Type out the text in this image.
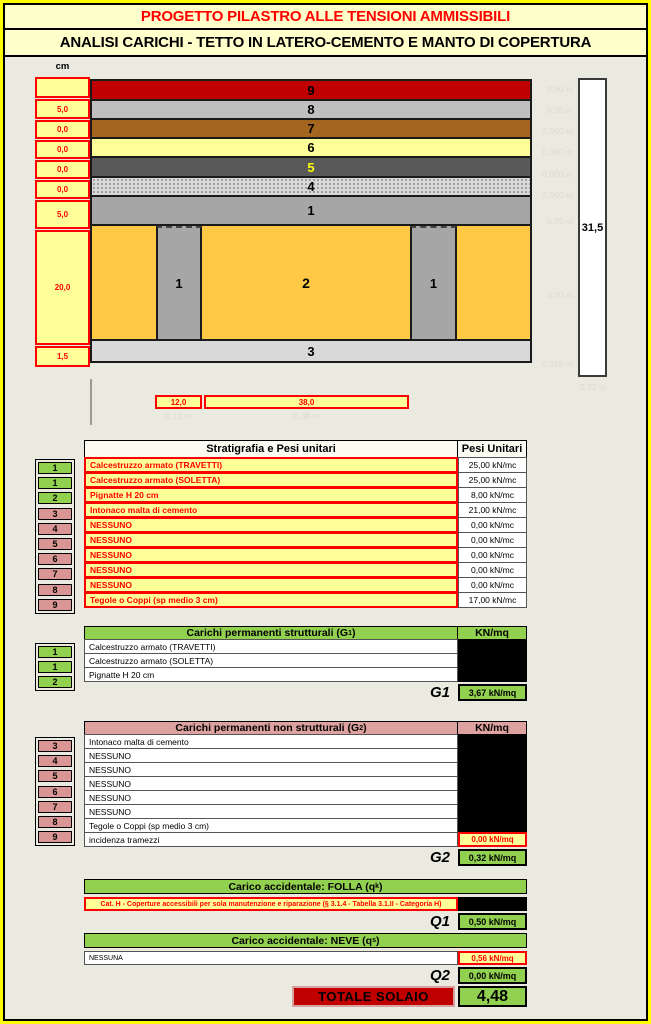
PROGETTO PILASTRO ALLE TENSIONI AMMISSIBILI
ANALISI CARICHI - TETTO IN LATERO-CEMENTO E MANTO DI COPERTURA
cm
5,0
0,0
0,0
0,0
0,0
5,0
20,0
1,5
9
8
7
6
5
4
1
1	1
2
3
0,00 m
0,05 m
0,000 m
0,000 m
0,000 m
0,000 m
0,05 m
0,20 m
0,015 m
31,5
0,32 m
12,0	38,0
0,12 m	0,38 m
Stratigrafia e Pesi unitari	Pesi Unitari
Calcestruzzo armato (TRAVETTI)	25,00 kN/mc
Calcestruzzo armato (SOLETTA)	25,00 kN/mc
Pignatte H 20 cm	8,00 kN/mc
Intonaco malta di cemento	21,00 kN/mc
NESSUNO	0,00 kN/mc
NESSUNO	0,00 kN/mc
NESSUNO	0,00 kN/mc
NESSUNO	0,00 kN/mc
NESSUNO	0,00 kN/mc
Tegole o Coppi (sp medio 3 cm)	17,00 kN/mc
1
1
2
3
4
5
6
7
8
9
Carichi permanenti strutturali (G 1 )	KN/mq
Calcestruzzo armato (TRAVETTI)
Calcestruzzo armato (SOLETTA)
Pignatte H 20 cm
G1	3,67 kN/mq
1
1
2
Carichi permanenti non strutturali (G 2 )	KN/mq
Intonaco malta di cemento
NESSUNO
NESSUNO
NESSUNO
NESSUNO
NESSUNO
Tegole o Coppi (sp medio 3 cm)
incidenza tramezzi	0,00 kN/mq
G2	0,32 kN/mq
3
4
5
6
7
8
9
Carico accidentale: FOLLA (q k )
Cat. H - Coperture accessibili per sola manutenzione e riparazione (§ 3.1.4 - Tabella 3.1.II - Categoria H)
Q1	0,50 kN/mq
Carico accidentale: NEVE (q s )
NESSUNA	0,56 kN/mq
Q2	0,00 kN/mq
TOTALE SOLAIO	4,48
